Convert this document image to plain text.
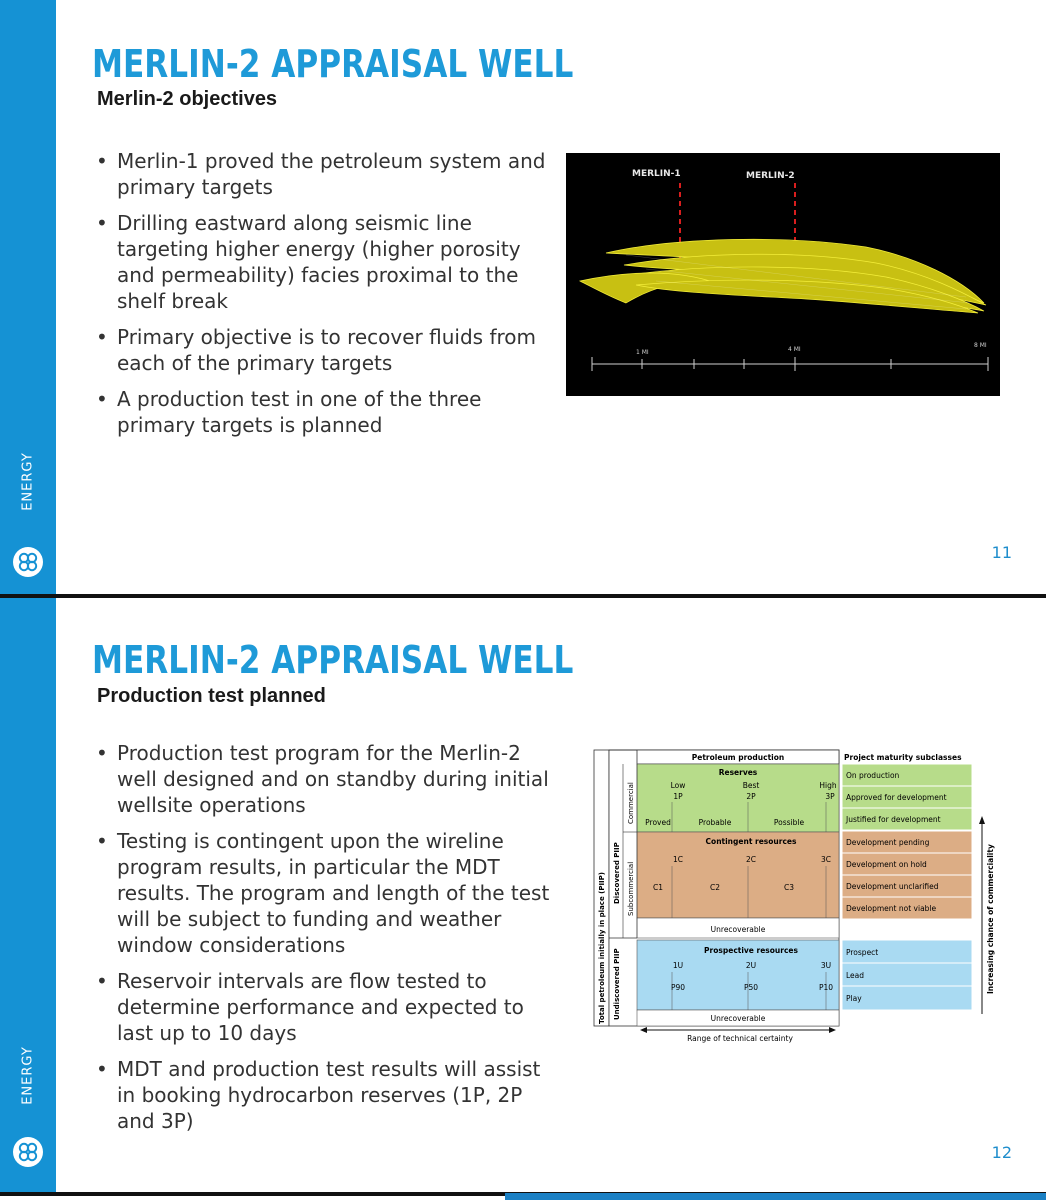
ENERGY
MERLIN-2 APPRAISAL WELL
Merlin-2 objectives
• Merlin-1 proved the petroleum system and primary targets
• Drilling eastward along seismic line targeting higher energy (higher porosity and permeability) facies proximal to the shelf break
• Primary objective is to recover fluids from each of the primary targets
• A production test in one of the three primary targets is planned
MERLIN-1	MERLIN-2
1 MI	4 MI
8 MI
11
ENERGY
MERLIN-2 APPRAISAL WELL
Production test planned
• Production test program for the Merlin-2 well designed and on standby during initial wellsite operations
• Testing is contingent upon the wireline program results, in particular the MDT results. The program and length of the test will be subject to funding and weather window considerations
• Reservoir intervals are flow tested to determine performance and expected to last up to 10 days
• MDT and production test results will assist in booking hydrocarbon reserves (1P, 2P and 3P)
Petroleum production	Project maturity subclasses
Reserves
Low	Best	High
1P	2P	3P
Proved	Probable	Possible
Contingent resources
1C	2C	3C
C1	C2	C3
Unrecoverable
Prospective resources
1U	2U	3U
P90	P50	P10
Unrecoverable
Total petroleum initially in place (PIIP) Discovered PIIP
Undiscovered PIIP
Commercial
Subcommercial
On production
Approved for development
Justified for development
Development pending
Development on hold
Development unclarified
Development not viable
Prospect
Lead
Play
Increasing chance of commerciality
Range of technical certainty
12
